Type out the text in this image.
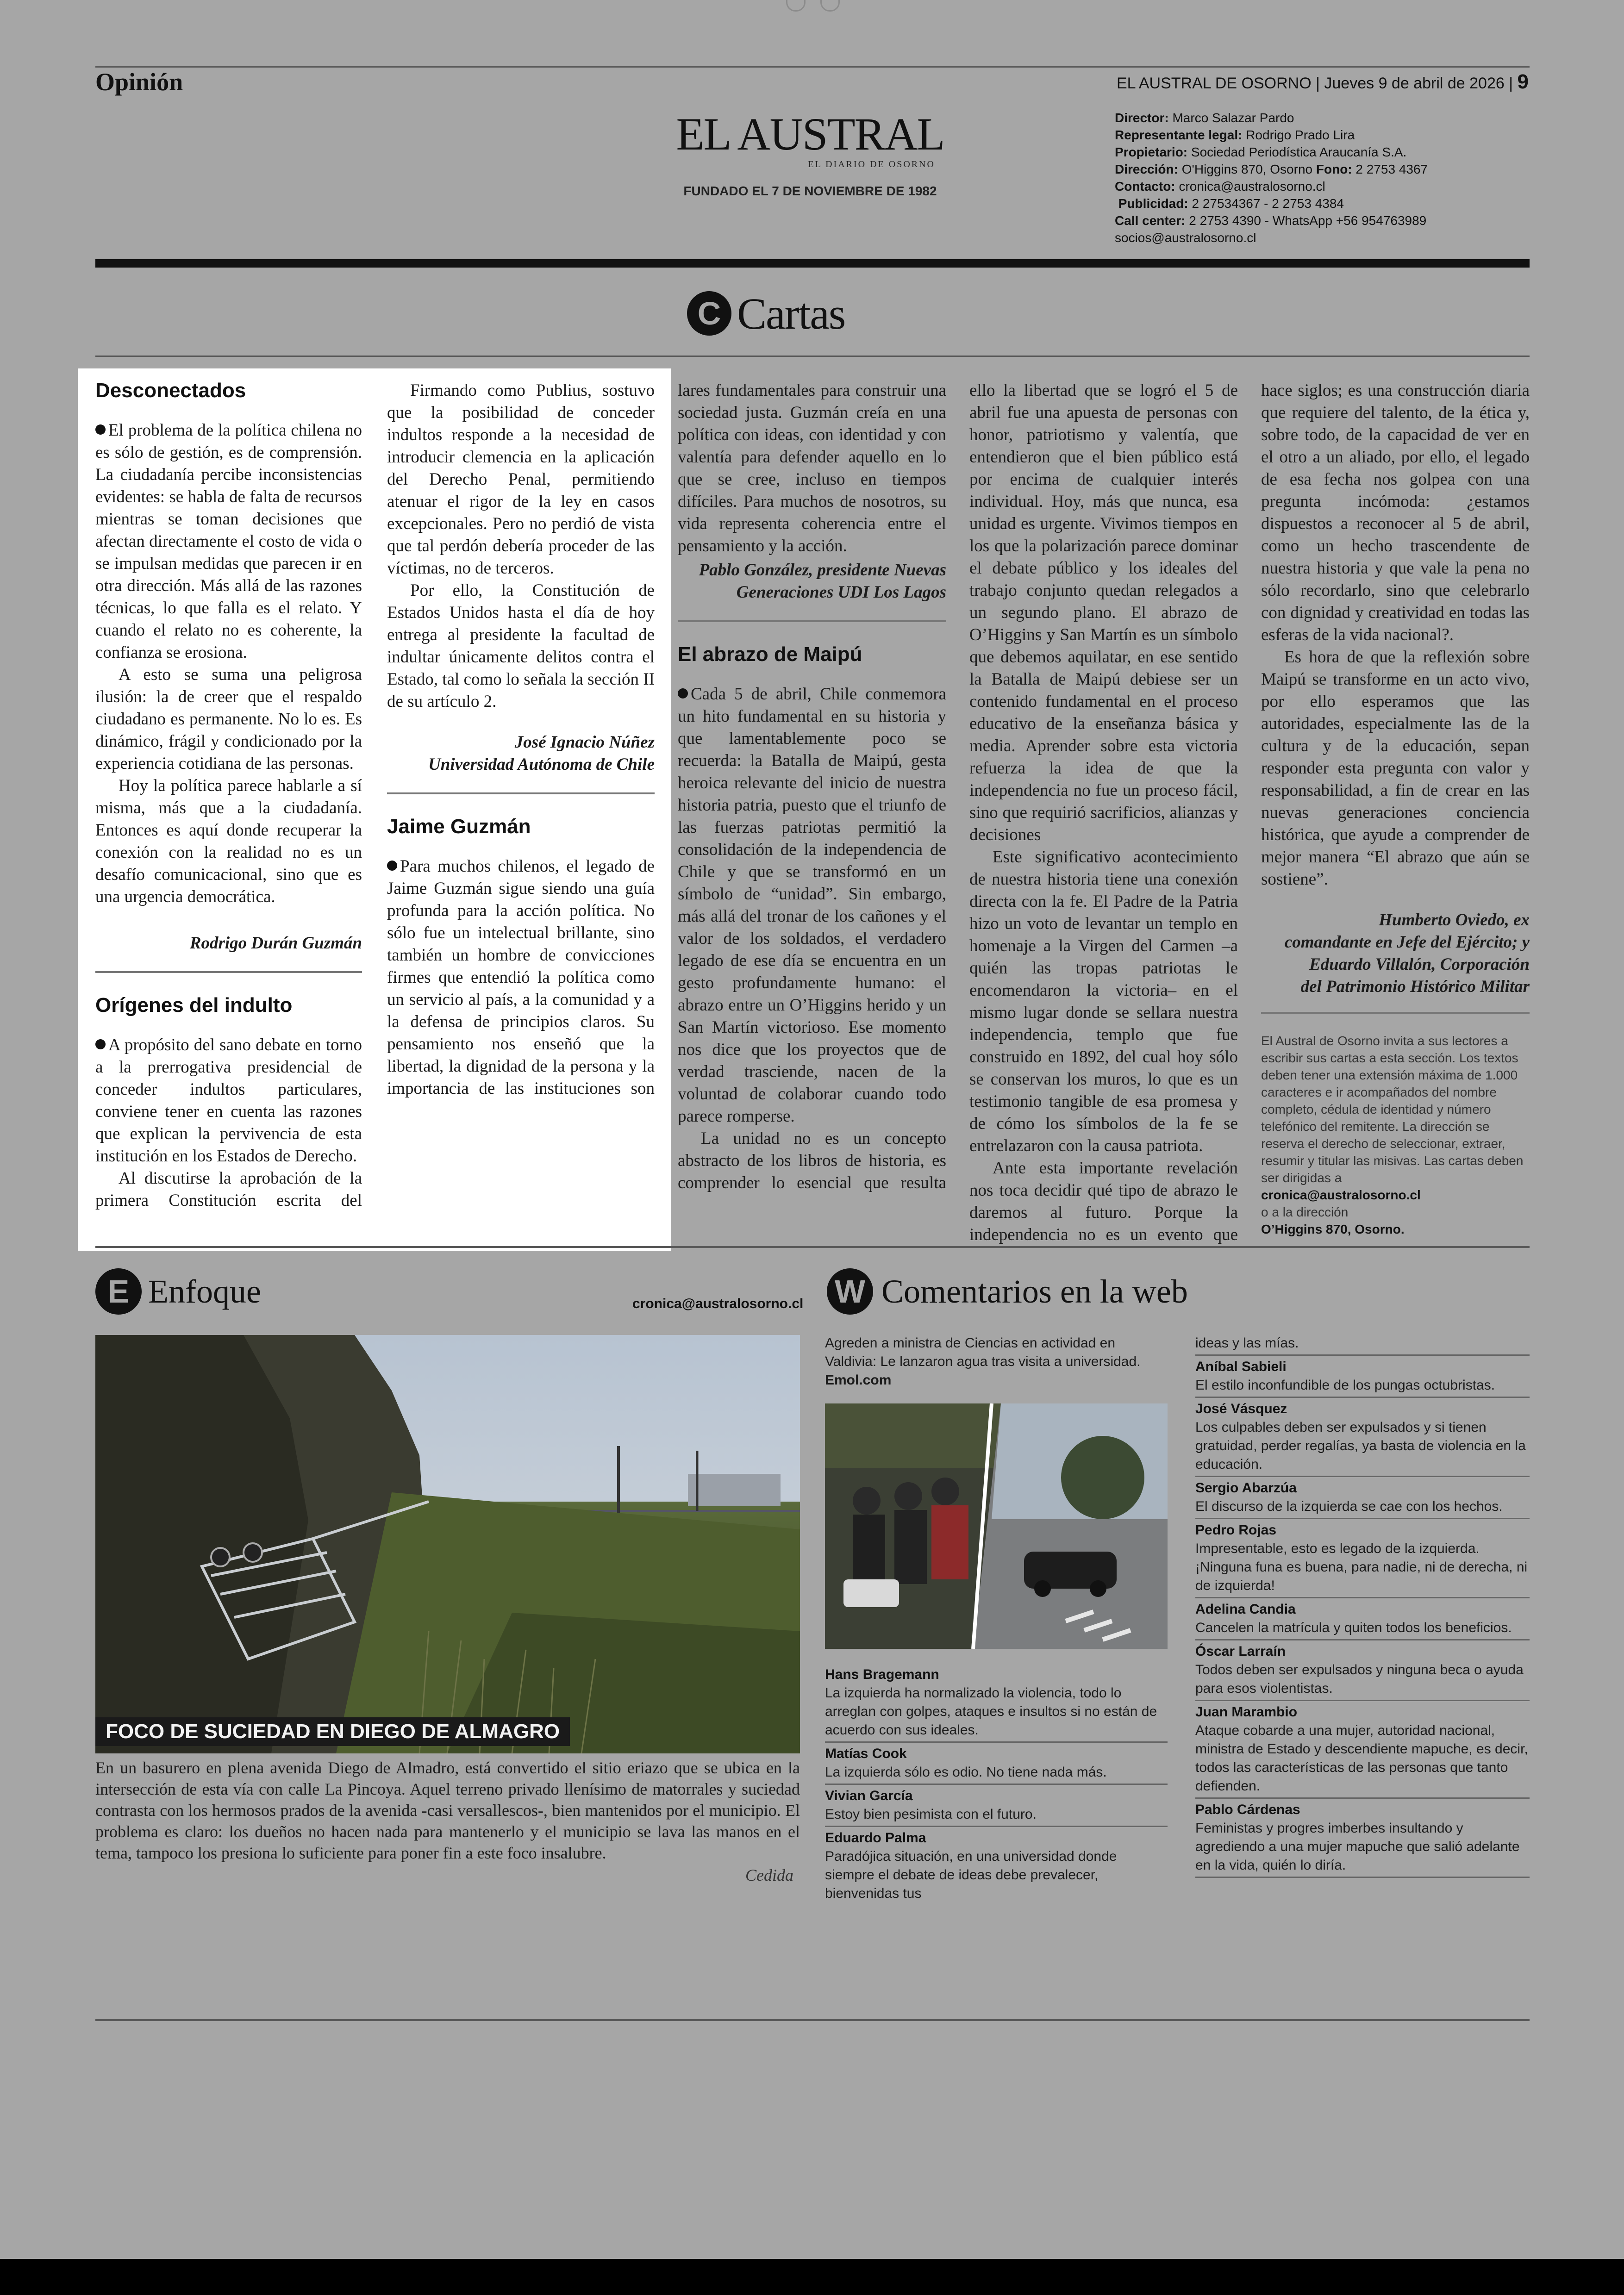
Opinión	EL AUSTRAL DE OSORNO | Jueves 9 de abril de 2026 | 9
EL AUSTRAL
EL DIARIO DE OSORNO
FUNDADO EL 7 DE NOVIEMBRE DE 1982
Director: Marco Salazar Pardo
Representante legal: Rodrigo Prado Lira
Propietario: Sociedad Periodística Araucanía S.A.
Dirección: O'Higgins 870, Osorno Fono: 2 2753 4367
Contacto: cronica@australosorno.cl
Publicidad: 2 27534367 - 2 2753 4384
Call center: 2 2753 4390 - WhatsApp +56 954763989
socios@australosorno.cl
C Cartas
Desconectados

El problema de la política chilena no es sólo de gestión, es de comprensión. La ciudadanía percibe inconsistencias evidentes: se habla de falta de recursos mientras se toman decisiones que afectan directamente el costo de vida o se impulsan medidas que parecen ir en otra dirección. Más allá de las razones técnicas, lo que falla es el relato. Y cuando el relato no es coherente, la confianza se erosiona.

A esto se suma una peligrosa ilusión: la de creer que el respaldo ciudadano es permanente. No lo es. Es dinámico, frágil y condicionado por la experiencia cotidiana de las personas.

Hoy la política parece hablarle a sí misma, más que a la ciudadanía. Entonces es aquí donde recuperar la conexión con la realidad no es un desafío comunicacional, sino que es una urgencia democrática.

Rodrigo Durán Guzmán

Orígenes del indulto

A propósito del sano debate en torno a la prerrogativa presidencial de conceder indultos particulares, conviene tener en cuenta las razones que explican la pervivencia de esta institución en los Estados de Derecho.

Al discutirse la aprobación de la primera Constitución escrita del

Firmando como Publius, sostuvo que la posibilidad de conceder indultos responde a la necesidad de introducir clemencia en la aplicación del Derecho Penal, permitiendo atenuar el rigor de la ley en casos excepcionales. Pero no perdió de vista que tal perdón debería proceder de las víctimas, no de terceros.

Por ello, la Constitución de Estados Unidos hasta el día de hoy entrega al presidente la facultad de indultar únicamente delitos contra el Estado, tal como lo señala la sección II de su artículo 2.

José Ignacio Núñez
Universidad Autónoma de Chile

Jaime Guzmán

Para muchos chilenos, el legado de Jaime Guzmán sigue siendo una guía profunda para la acción política. No sólo fue un intelectual brillante, sino también un hombre de convicciones firmes que entendió la política como un servicio al país, a la comunidad y a la defensa de principios claros. Su pensamiento nos enseñó que la libertad, la dignidad de la persona y la importancia de las instituciones son

lares fundamentales para construir una sociedad justa. Guzmán creía en una política con ideas, con identidad y con valentía para defender aquello en lo que se cree, incluso en tiempos difíciles. Para muchos de nosotros, su vida representa coherencia entre el pensamiento y la acción.

Pablo González, presidente Nuevas
Generaciones UDI Los Lagos

El abrazo de Maipú

Cada 5 de abril, Chile conmemora un hito fundamental en su historia y que lamentablemente poco se recuerda: la Batalla de Maipú, gesta heroica relevante del inicio de nuestra historia patria, puesto que el triunfo de las fuerzas patriotas permitió la consolidación de la independencia de Chile y que se transformó en un símbolo de “unidad”. Sin embargo, más allá del tronar de los cañones y el valor de los soldados, el verdadero legado de ese día se encuentra en un gesto profundamente humano: el abrazo entre un O’Higgins herido y un San Martín victorioso. Ese momento nos dice que los proyectos que de verdad trasciende, nacen de la voluntad de colaborar cuando todo parece romperse.

La unidad no es un concepto abstracto de los libros de historia, es comprender lo esencial que resulta

ello la libertad que se logró el 5 de abril fue una apuesta de personas con honor, patriotismo y valentía, que entendieron que el bien público está por encima de cualquier interés individual. Hoy, más que nunca, esa unidad es urgente. Vivimos tiempos en los que la polarización parece dominar el debate público y los ideales del trabajo conjunto quedan relegados a un segundo plano. El abrazo de O’Higgins y San Martín es un símbolo que debemos aquilatar, en ese sentido la Batalla de Maipú debiese ser un contenido fundamental en el proceso educativo de la enseñanza básica y media. Aprender sobre esta victoria refuerza la idea de que la independencia no fue un proceso fácil, sino que requirió sacrificios, alianzas y decisiones

Este significativo acontecimiento de nuestra historia tiene una conexión directa con la fe. El Padre de la Patria hizo un voto de levantar un templo en homenaje a la Virgen del Carmen –a quién las tropas patriotas le encomendaron la victoria– en el mismo lugar donde se sellara nuestra independencia, templo que fue construido en 1892, del cual hoy sólo se conservan los muros, lo que es un testimonio tangible de esa promesa y de cómo los símbolos de la fe se entrelazaron con la causa patriota.

Ante esta importante revelación nos toca decidir qué tipo de abrazo le daremos al futuro. Porque la independencia no es un evento que

hace siglos; es una construcción diaria que requiere del talento, de la ética y, sobre todo, de la capacidad de ver en el otro a un aliado, por ello, el legado de esa fecha nos golpea con una pregunta incómoda: ¿estamos dispuestos a reconocer al 5 de abril, como un hecho trascendente de nuestra historia y que vale la pena no sólo recordarlo, sino que celebrarlo con dignidad y creatividad en todas las esferas de la vida nacional?.

Es hora de que la reflexión sobre Maipú se transforme en un acto vivo, por ello esperamos que las autoridades, especialmente las de la cultura y de la educación, sepan responder esta pregunta con valor y responsabilidad, a fin de crear en las nuevas generaciones conciencia histórica, que ayude a comprender de mejor manera “El abrazo que aún se sostiene”.

Humberto Oviedo, ex
comandante en Jefe del Ejército; y
Eduardo Villalón, Corporación
del Patrimonio Histórico Militar

El Austral de Osorno invita a sus lectores a escribir sus cartas a esta sección. Los textos deben tener una extensión máxima de 1.000 caracteres e ir acompañados del nombre completo, cédula de identidad y número telefónico del remitente. La dirección se reserva el derecho de seleccionar, extraer, resumir y titular las misivas. Las cartas deben ser dirigidas a
cronica@australosorno.cl
o a la dirección
O’Higgins 870, Osorno.
E Enfoque	cronica@australosorno.cl
FOCO DE SUCIEDAD EN DIEGO DE ALMAGRO
En un basurero en plena avenida Diego de Almadro, está convertido el sitio eriazo que se ubica en la intersección de esta vía con calle La Pincoya. Aquel terreno privado llenísimo de matorrales y suciedad contrasta con los hermosos prados de la avenida -casi versallescos-, bien mantenidos por el municipio. El problema es claro: los dueños no hacen nada para mantenerlo y el municipio se lava las manos en el tema, tampoco los presiona lo suficiente para poner fin a este foco insalubre.
Cedida
W Comentarios en la web
Agreden a ministra de Ciencias en actividad en Valdivia: Le lanzaron agua tras visita a universidad. Emol.com
Hans Bragemann
La izquierda ha normalizado la violencia, todo lo arreglan con golpes, ataques e insultos si no están de acuerdo con sus ideales.
Matías Cook
La izquierda sólo es odio. No tiene nada más.
Vivian García
Estoy bien pesimista con el futuro.
Eduardo Palma
Paradójica situación, en una universidad donde siempre el debate de ideas debe prevalecer, bienvenidas tus
ideas y las mías.
Aníbal Sabieli
El estilo inconfundible de los pungas octubristas.
José Vásquez
Los culpables deben ser expulsados y si tienen gratuidad, perder regalías, ya basta de violencia en la educación.
Sergio Abarzúa
El discurso de la izquierda se cae con los hechos.
Pedro Rojas
Impresentable, esto es legado de la izquierda. ¡Ninguna funa es buena, para nadie, ni de derecha, ni de izquierda!
Adelina Candia
Cancelen la matrícula y quiten todos los beneficios.
Óscar Larraín
Todos deben ser expulsados y ninguna beca o ayuda para esos violentistas.
Juan Marambio
Ataque cobarde a una mujer, autoridad nacional, ministra de Estado y descendiente mapuche, es decir, todos las características de las personas que tanto defienden.
Pablo Cárdenas
Feministas y progres imberbes insultando y agrediendo a una mujer mapuche que salió adelante en la vida, quién lo diría.
